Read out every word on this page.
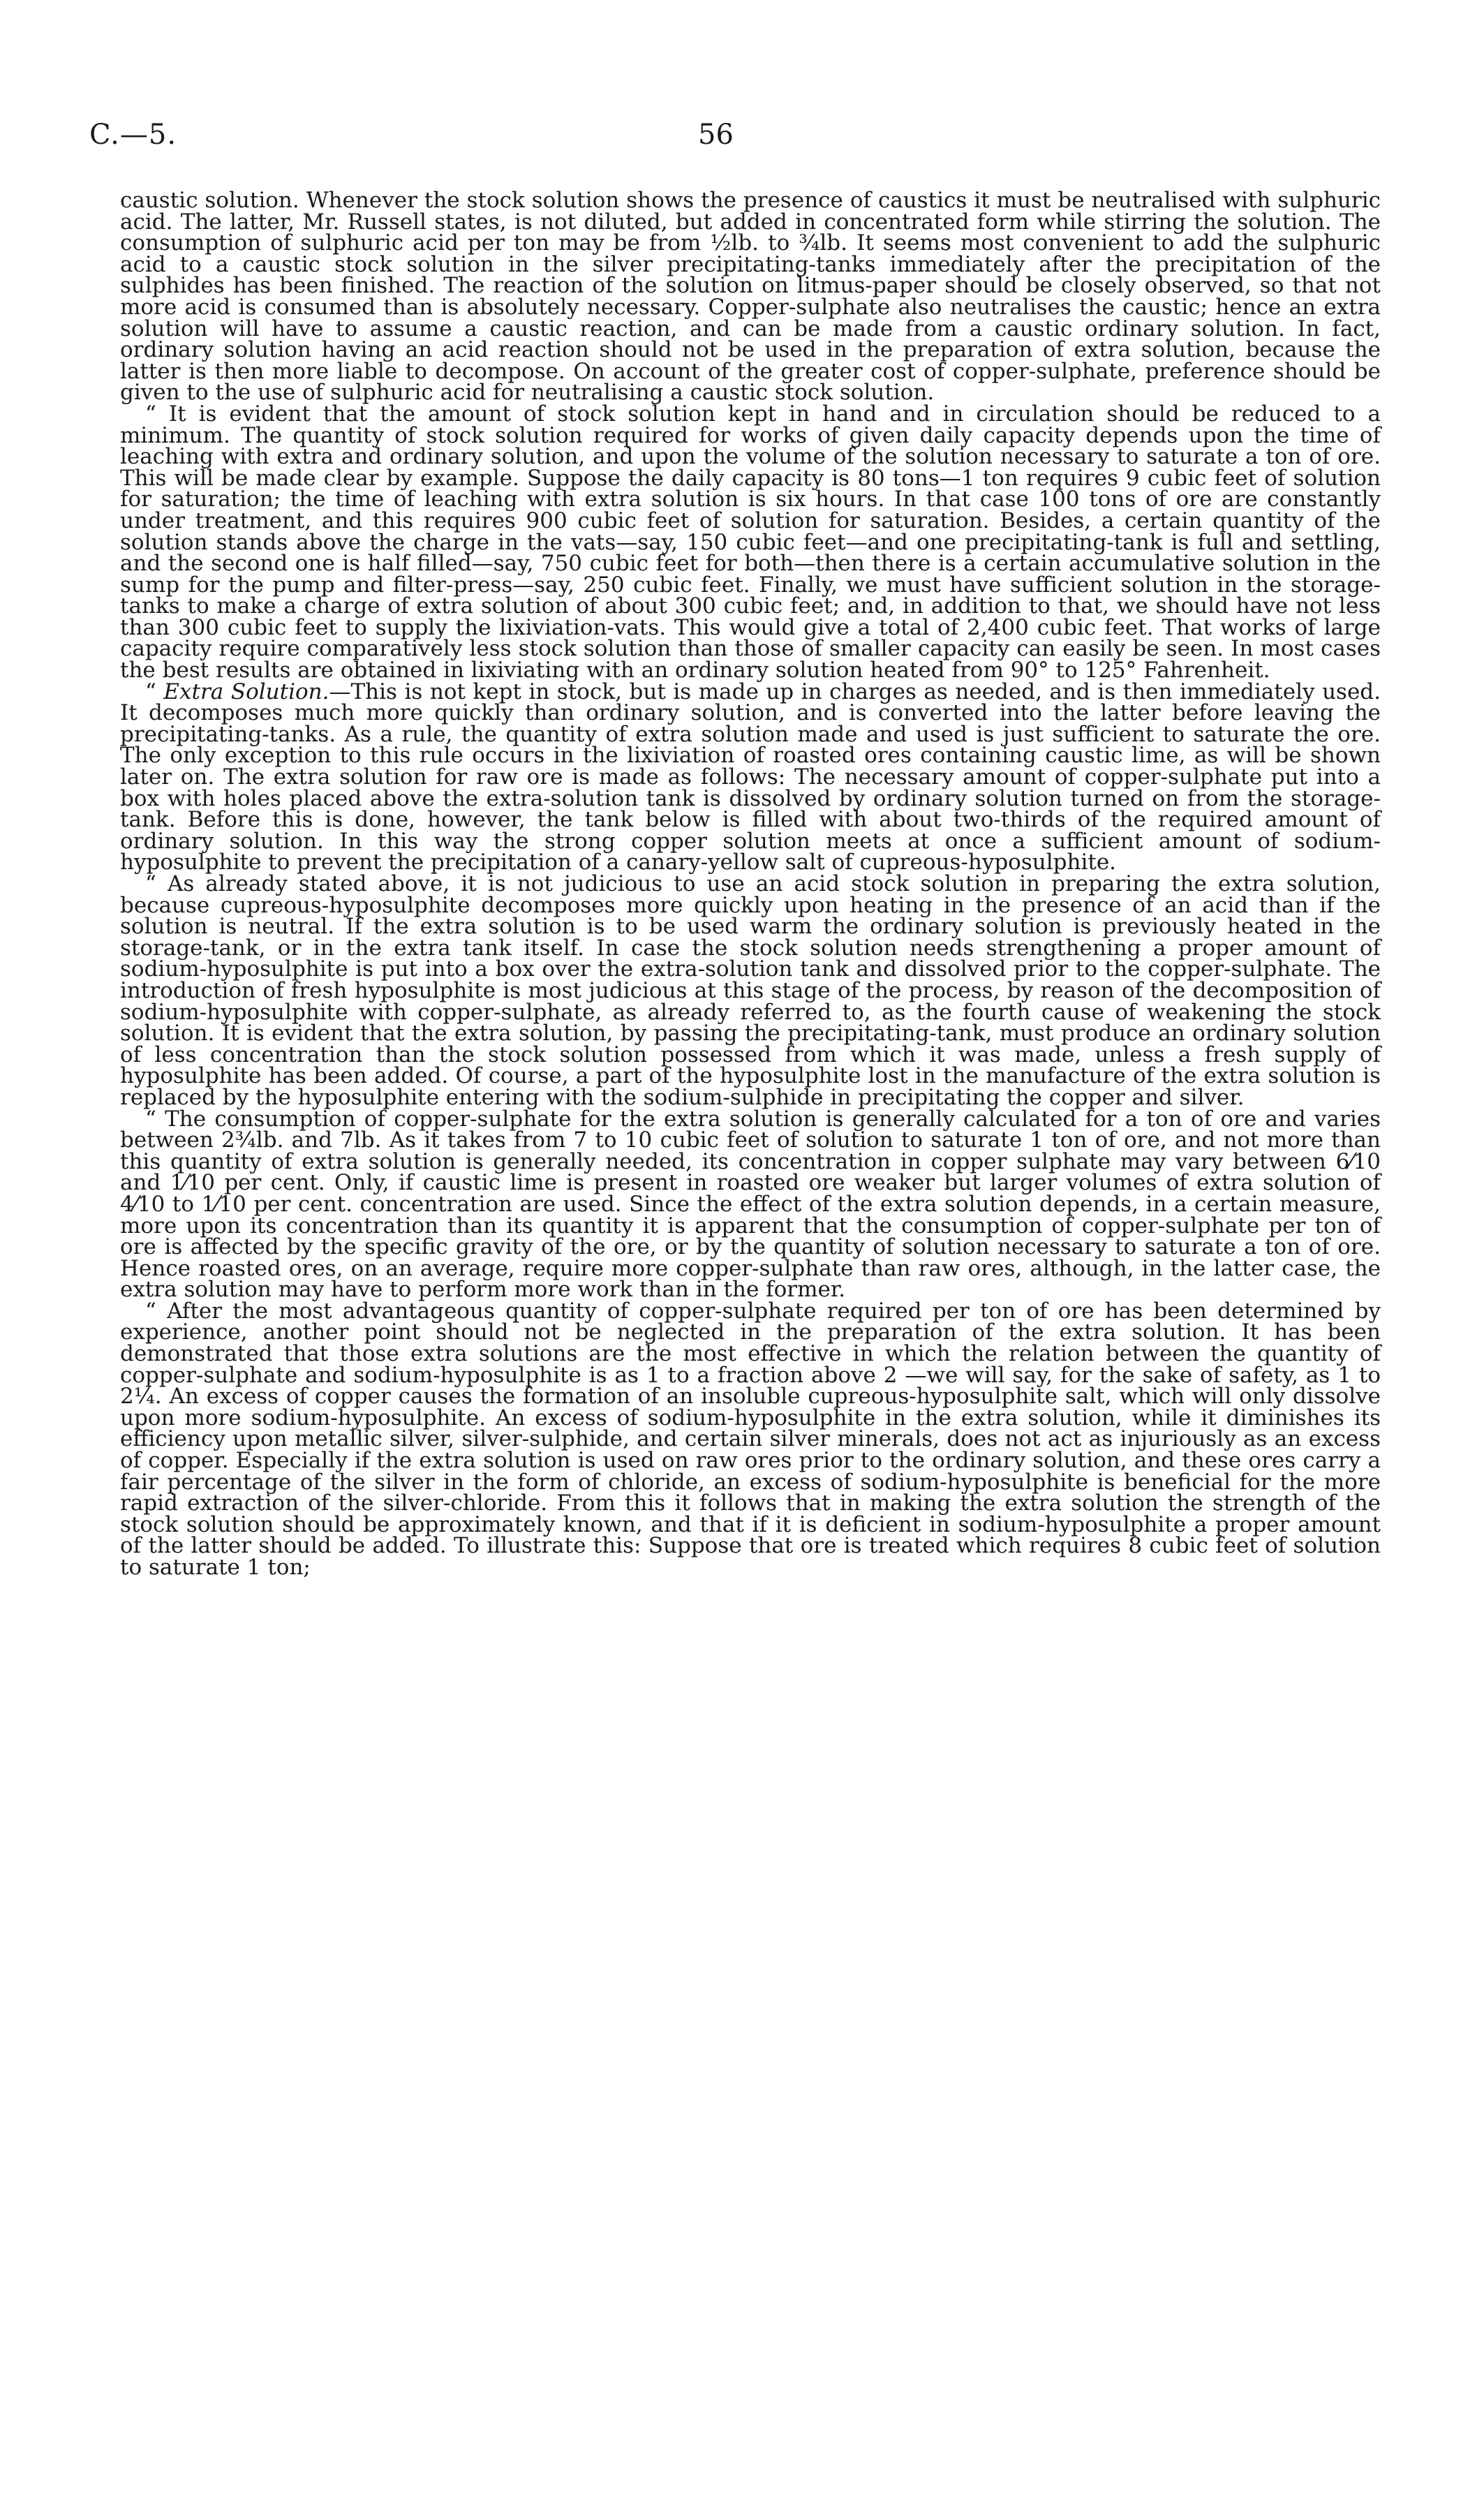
C.—5.	56

caustic solution. Whenever the stock solution shows the presence of caustics it must be neutralised with sulphuric acid. The latter, Mr. Russell states, is not diluted, but added in concentrated form while stirring the solution. The consumption of sulphuric acid per ton may be from ½lb. to ¾lb. It seems most convenient to add the sulphuric acid to a caustic stock solution in the silver precipitating-tanks immediately after the precipitation of the sulphides has been finished. The reaction of the solution on litmus-paper should be closely observed, so that not more acid is consumed than is absolutely necessary. Copper-sulphate also neutralises the caustic; hence an extra solution will have to assume a caustic reaction, and can be made from a caustic ordinary solution. In fact, ordinary solution having an acid reaction should not be used in the preparation of extra solution, because the latter is then more liable to decompose. On account of the greater cost of copper-sulphate, preference should be given to the use of sulphuric acid for neutralising a caustic stock solution.

“ It is evident that the amount of stock solution kept in hand and in circulation should be reduced to a minimum. The quantity of stock solution required for works of given daily capacity depends upon the time of leaching with extra and ordinary solution, and upon the volume of the solution necessary to saturate a ton of ore. This will be made clear by example. Suppose the daily capacity is 80 tons—1 ton requires 9 cubic feet of solution for saturation; the time of leaching with extra solution is six hours. In that case 100 tons of ore are constantly under treatment, and this requires 900 cubic feet of solution for saturation. Besides, a certain quantity of the solution stands above the charge in the vats—say, 150 cubic feet—and one precipitating-tank is full and settling, and the second one is half filled—say, 750 cubic feet for both—then there is a certain accumulative solution in the sump for the pump and filter-press—say, 250 cubic feet. Finally, we must have sufficient solution in the storage-tanks to make a charge of extra solution of about 300 cubic feet; and, in addition to that, we should have not less than 300 cubic feet to supply the lixiviation-vats. This would give a total of 2,400 cubic feet. That works of large capacity require comparatively less stock solution than those of smaller capacity can easily be seen. In most cases the best results are obtained in lixiviating with an ordinary solution heated from 90° to 125° Fahrenheit.

“ Extra Solution.—This is not kept in stock, but is made up in charges as needed, and is then immediately used. It decomposes much more quickly than ordinary solution, and is converted into the latter before leaving the precipitating-tanks. As a rule, the quantity of extra solution made and used is just sufficient to saturate the ore. The only exception to this rule occurs in the lixiviation of roasted ores containing caustic lime, as will be shown later on. The extra solution for raw ore is made as follows: The necessary amount of copper-sulphate put into a box with holes placed above the extra-solution tank is dissolved by ordinary solution turned on from the storage-tank. Before this is done, however, the tank below is filled with about two-thirds of the required amount of ordinary solution. In this way the strong copper solution meets at once a sufficient amount of sodium-hyposulphite to prevent the precipitation of a canary-yellow salt of cupreous-hyposulphite.

“ As already stated above, it is not judicious to use an acid stock solution in preparing the extra solution, because cupreous-hyposulphite decomposes more quickly upon heating in the presence of an acid than if the solution is neutral. If the extra solution is to be used warm the ordinary solution is previously heated in the storage-tank, or in the extra tank itself. In case the stock solution needs strengthening a proper amount of sodium-hyposulphite is put into a box over the extra-solution tank and dissolved prior to the copper-sulphate. The introduction of fresh hyposulphite is most judicious at this stage of the process, by reason of the decomposition of sodium-hyposulphite with copper-sulphate, as already referred to, as the fourth cause of weakening the stock solution. It is evident that the extra solution, by passing the precipitating-tank, must produce an ordinary solution of less concentration than the stock solution possessed from which it was made, unless a fresh supply of hyposulphite has been added. Of course, a part of the hyposulphite lost in the manufacture of the extra solution is replaced by the hyposulphite entering with the sodium-sulphide in precipitating the copper and silver.

“ The consumption of copper-sulphate for the extra solution is generally calculated for a ton of ore and varies between 2¾lb. and 7lb. As it takes from 7 to 10 cubic feet of solution to saturate 1 ton of ore, and not more than this quantity of extra solution is generally needed, its concentration in copper sulphate may vary between 6⁄10 and 1⁄10 per cent. Only, if caustic lime is present in roasted ore weaker but larger volumes of extra solution of 4⁄10 to 1⁄10 per cent. concentration are used. Since the effect of the extra solution depends, in a certain measure, more upon its concentration than its quantity it is apparent that the consumption of copper-sulphate per ton of ore is affected by the specific gravity of the ore, or by the quantity of solution necessary to saturate a ton of ore. Hence roasted ores, on an average, require more copper-sulphate than raw ores, although, in the latter case, the extra solution may have to perform more work than in the former.

“ After the most advantageous quantity of copper-sulphate required per ton of ore has been determined by experience, another point should not be neglected in the preparation of the extra solution. It has been demonstrated that those extra solutions are the most effective in which the relation between the quantity of copper-sulphate and sodium-hyposulphite is as 1 to a fraction above 2 —we will say, for the sake of safety, as 1 to 2¼. An excess of copper causes the formation of an insoluble cupreous-hyposulphite salt, which will only dissolve upon more sodium-hyposulphite. An excess of sodium-hyposulphite in the extra solution, while it diminishes its efficiency upon metallic silver, silver-sulphide, and certain silver minerals, does not act as injuriously as an excess of copper. Especially if the extra solution is used on raw ores prior to the ordinary solution, and these ores carry a fair percentage of the silver in the form of chloride, an excess of sodium-hyposulphite is beneficial for the more rapid extraction of the silver-chloride. From this it follows that in making the extra solution the strength of the stock solution should be approximately known, and that if it is deficient in sodium-hyposulphite a proper amount of the latter should be added. To illustrate this: Suppose that ore is treated which requires 8 cubic feet of solution to saturate 1 ton;
